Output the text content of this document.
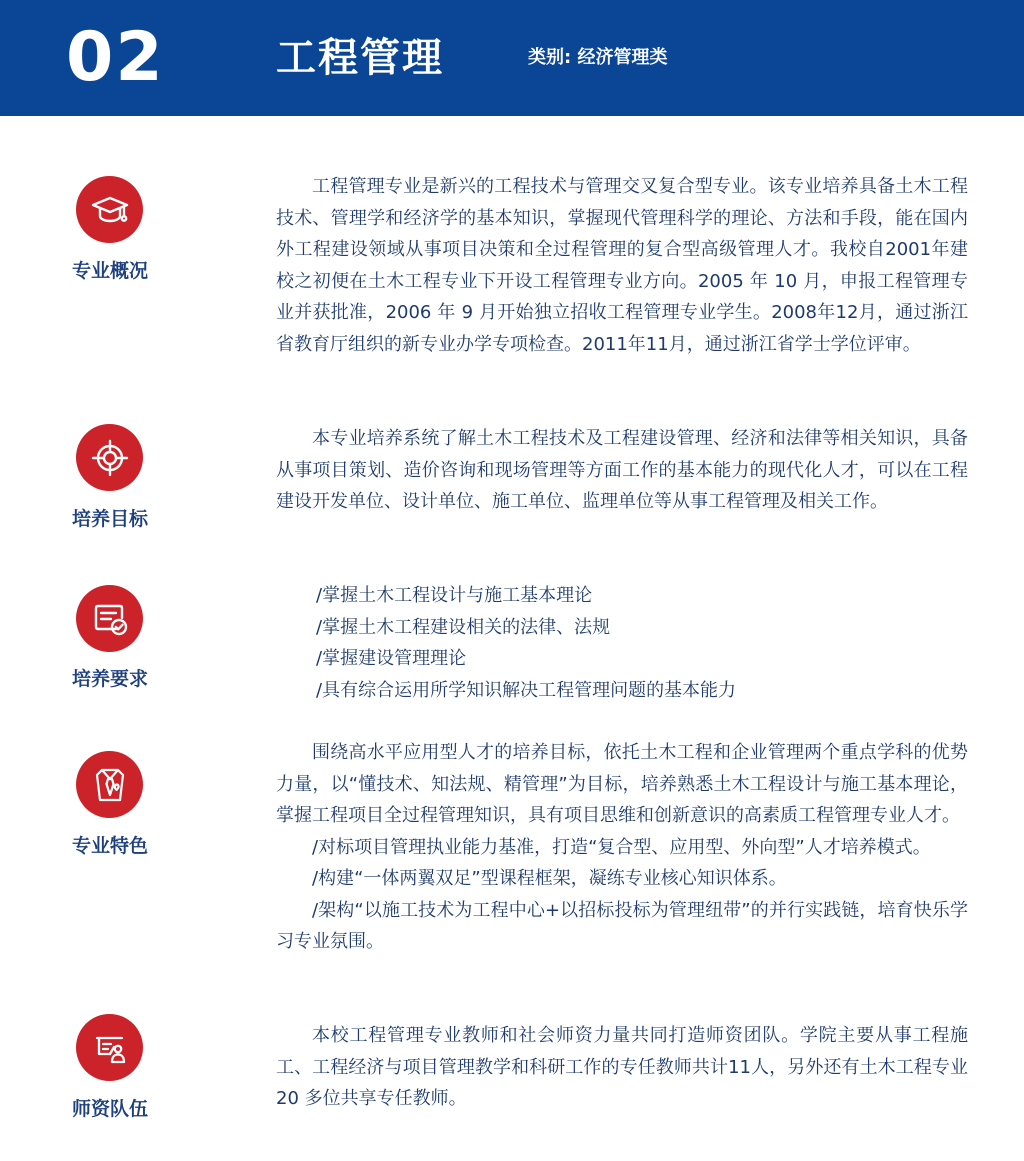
02	工程管理	类别: 经济管理类
专业概况

工程管理专业是新兴的工程技术与管理交叉复合型专业。该专业培养具备土木工程技术、管理学和经济学的基本知识，掌握现代管理科学的理论、方法和手段，能在国内外工程建设领域从事项目决策和全过程管理的复合型高级管理人才。我校自2001年建校之初便在土木工程专业下开设工程管理专业方向。2005 年 10 月，申报工程管理专业并获批准，2006 年 9 月开始独立招收工程管理专业学生。2008年12月，通过浙江省教育厅组织的新专业办学专项检查。2011年11月，通过浙江省学士学位评审。

培养目标

本专业培养系统了解土木工程技术及工程建设管理、经济和法律等相关知识，具备从事项目策划、造价咨询和现场管理等方面工作的基本能力的现代化人才，可以在工程建设开发单位、设计单位、施工单位、监理单位等从事工程管理及相关工作。

培养要求

/掌握土木工程设计与施工基本理论

/掌握土木工程建设相关的法律、法规

/掌握建设管理理论

/具有综合运用所学知识解决工程管理问题的基本能力

专业特色

围绕高水平应用型人才的培养目标，依托土木工程和企业管理两个重点学科的优势力量，以“懂技术、知法规、精管理”为目标，培养熟悉土木工程设计与施工基本理论，掌握工程项目全过程管理知识，具有项目思维和创新意识的高素质工程管理专业人才。

/对标项目管理执业能力基准，打造“复合型、应用型、外向型”人才培养模式。

/构建“一体两翼双足”型课程框架，凝练专业核心知识体系。

/架构“以施工技术为工程中心+以招标投标为管理纽带”的并行实践链，培育快乐学习专业氛围。

师资队伍

本校工程管理专业教师和社会师资力量共同打造师资团队。学院主要从事工程施工、工程经济与项目管理教学和科研工作的专任教师共计11人，另外还有土木工程专业 20 多位共享专任教师。
